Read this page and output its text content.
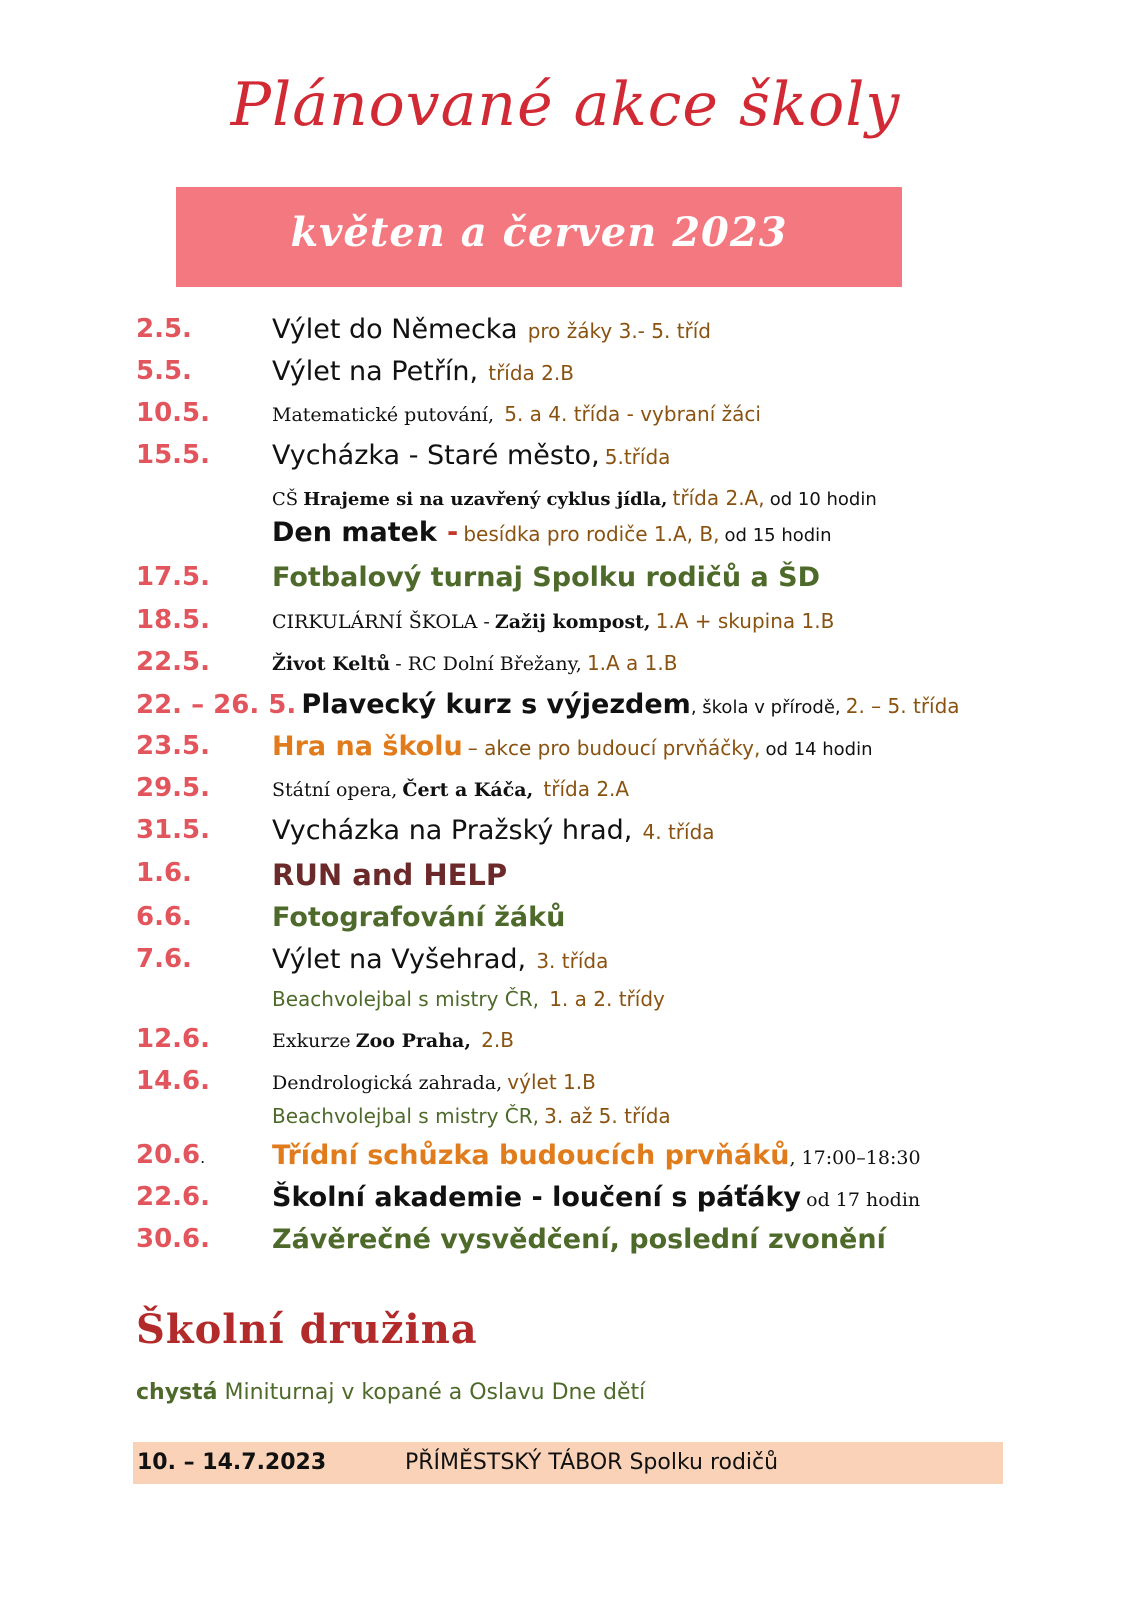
Plánované akce školy
květen a červen 2023
2.5.	Výlet do Německa pro žáky 3.- 5. tříd
5.5.	Výlet na Petřín, třída 2.B
10.5.	Matematické putování, 5. a 4. třída - vybraní žáci
15.5. Vycházka - Staré město, 5.třída
CŠ Hrajeme si na uzavřený cyklus jídla, třída 2.A, od 10 hodin
Den matek - besídka pro rodiče 1.A, B, od 15 hodin
17.5. Fotbalový turnaj Spolku rodičů a ŠD
18.5.	CIRKULÁRNÍ ŠKOLA - Zažij kompost, 1.A + skupina 1.B
22.5.	Život Keltů - RC Dolní Břežany, 1.A a 1.B
22. – 26. 5. Plavecký kurz s výjezdem, škola v přírodě, 2. – 5. třída
23.5. Hra na školu – akce pro budoucí prvňáčky, od 14 hodin
29.5.	Státní opera, Čert a Káča, třída 2.A
31.5. Vycházka na Pražský hrad, 4. třída
1.6.	RUN and HELP
6.6.	Fotografování žáků
7.6.	Výlet na Vyšehrad, 3. třída
Beachvolejbal s mistry ČR, 1. a 2. třídy
12.6.	Exkurze Zoo Praha, 2.B
14.6.	Dendrologická zahrada, výlet 1.B
Beachvolejbal s mistry ČR, 3. až 5. třída
20.6. Třídní schůzka budoucích prvňáků, 17:00–18:30
22.6. Školní akademie - loučení s páťáky od 17 hodin
30.6. Závěrečné vysvědčení, poslední zvonění
Školní družina
chystá Miniturnaj v kopané a Oslavu Dne dětí
10. – 14.7.2023	PŘÍMĚSTSKÝ TÁBOR Spolku rodičů
